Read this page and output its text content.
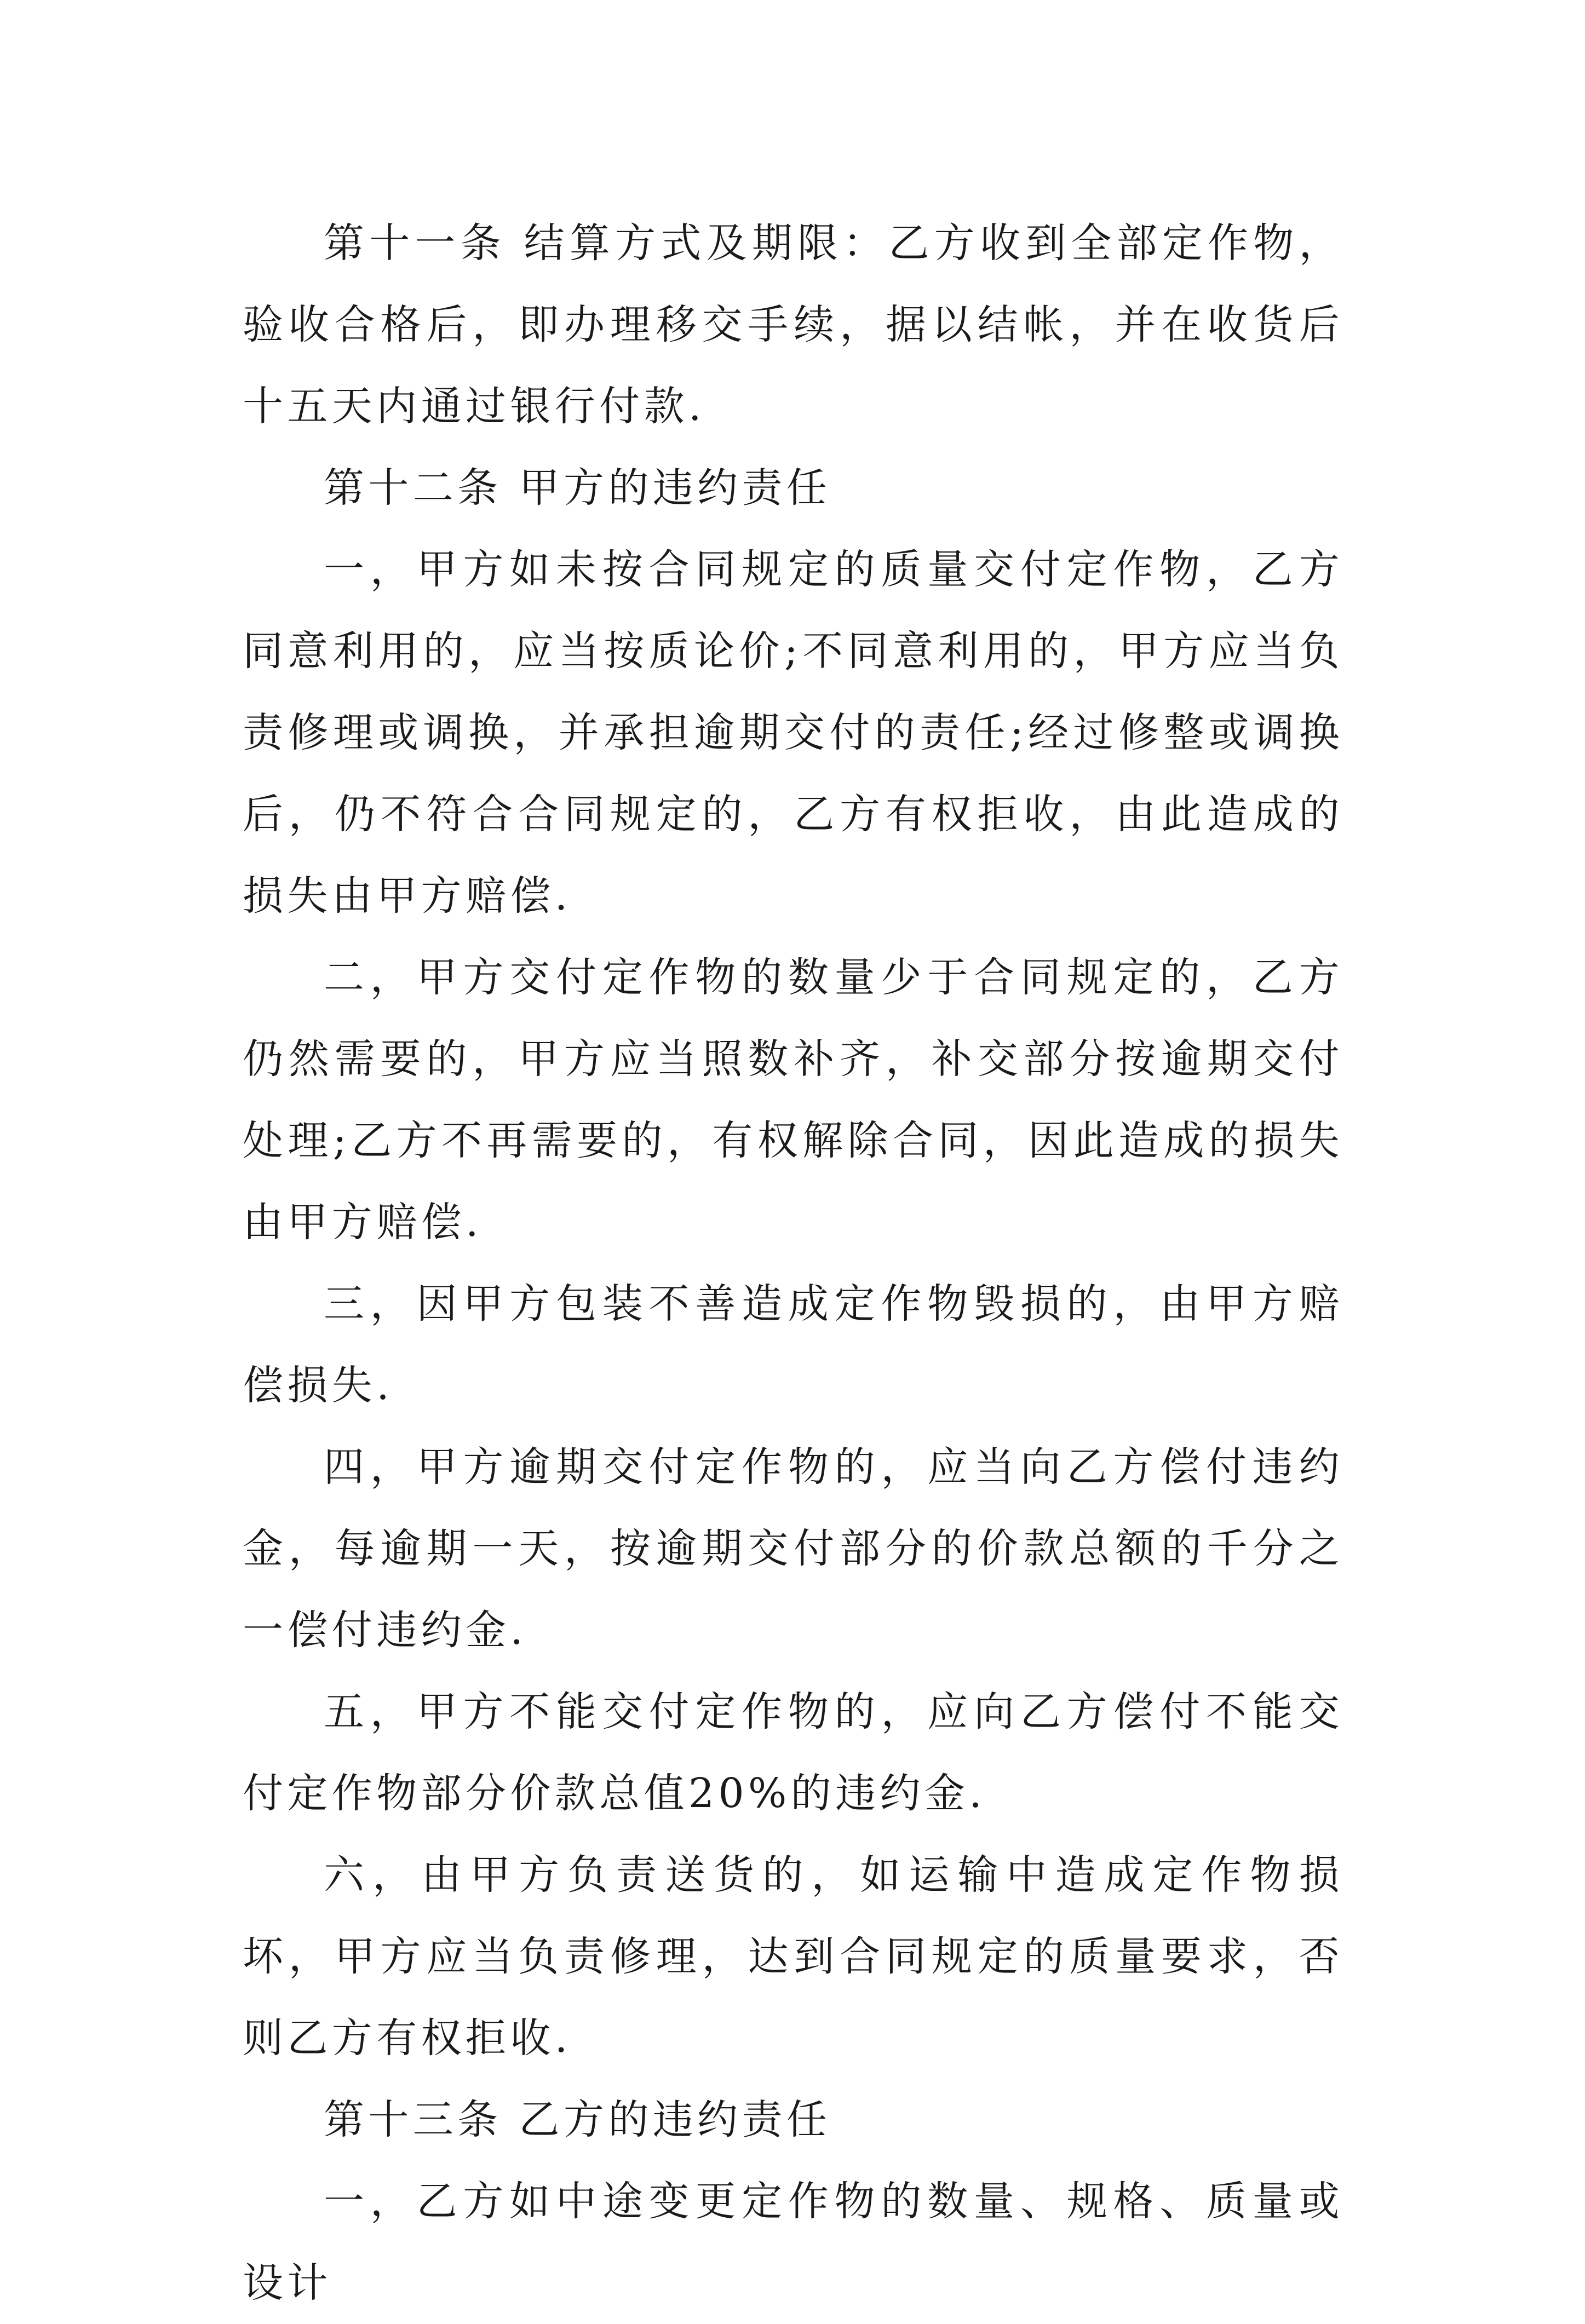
第十一条 结算方式及期限：乙方收到全部定作物，验收合格后，即办理移交手续，据以结帐，并在收货后十五天内通过银行付款.

第十二条 甲方的违约责任

一，甲方如未按合同规定的质量交付定作物，乙方同意利用的，应当按质论价;不同意利用的，甲方应当负责修理或调换，并承担逾期交付的责任;经过修整或调换后，仍不符合合同规定的，乙方有权拒收，由此造成的损失由甲方赔偿.

二，甲方交付定作物的数量少于合同规定的，乙方仍然需要的，甲方应当照数补齐，补交部分按逾期交付处理;乙方不再需要的，有权解除合同，因此造成的损失由甲方赔偿.

三，因甲方包装不善造成定作物毁损的，由甲方赔偿损失.

四，甲方逾期交付定作物的，应当向乙方偿付违约金，每逾期一天，按逾期交付部分的价款总额的千分之一偿付违约金.

五，甲方不能交付定作物的，应向乙方偿付不能交付定作物部分价款总值20%的违约金.

六，由甲方负责送货的，如运输中造成定作物损坏，甲方应当负责修理，达到合同规定的质量要求，否则乙方有权拒收.

第十三条 乙方的违约责任

一，乙方如中途变更定作物的数量、规格、质量或设计
